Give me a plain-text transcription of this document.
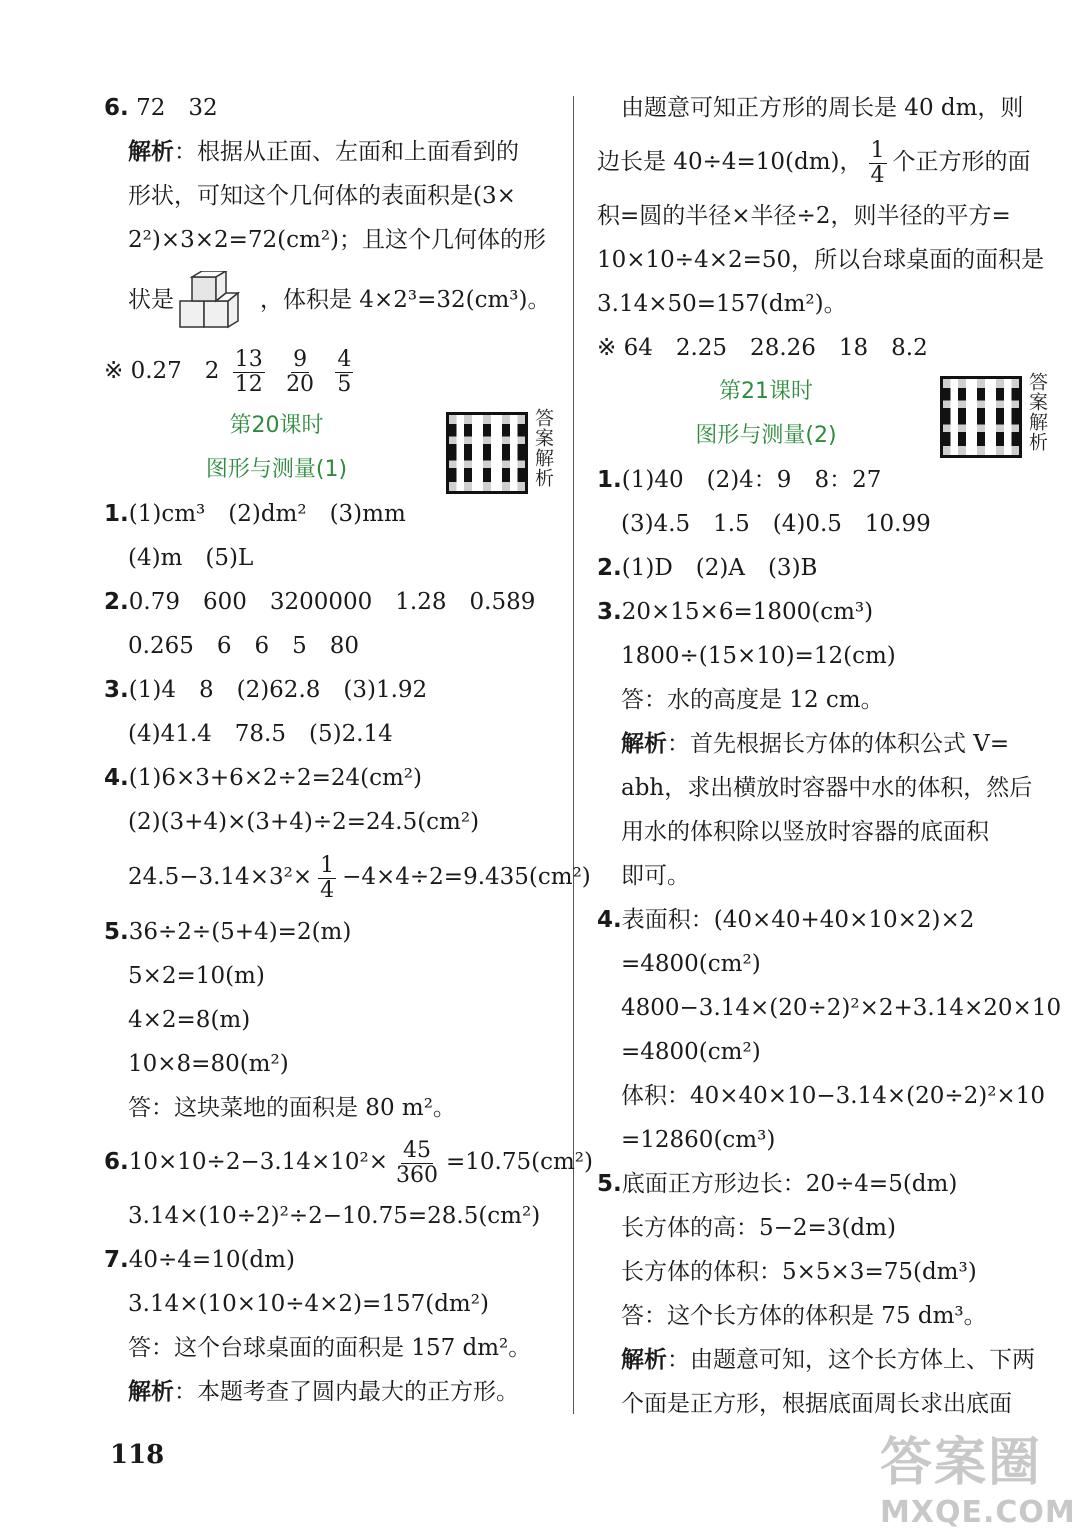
6. 72　32
解析：根据从正面、左面和上面看到的
形状，可知这个几何体的表面积是(3×
2²)×3×2=72(cm²)；且这个几何体的形
状是	，体积是 4×2³=32(cm³)。
※ 0.27　$2 \frac{13}{12}$
$\frac{9}{20}$
$\frac{4}{5}$
第20课时
图形与测量(1)
1.(1)cm³　(2)dm²　(3)mm
(4)m　(5)L
2.0.79　600　3200000　1.28　0.589
0.265　6　6　5　80
3.(1)4　8　(2)62.8　(3)1.92
(4)41.4　78.5　(5)2.14
4.(1)6×3+6×2÷2=24(cm²)
(2)(3+4)×(3+4)÷2=24.5(cm²)
$24.5-3.14\times 3^2\times \frac{1}{4} -4\times 4\div 2=9.435(cm^2)$
5.36÷2÷(5+4)=2(m)
5×2=10(m)
4×2=8(m)
10×8=80(m²)
答：这块菜地的面积是 80 m²。
$6.10\times 10\div 2-3.14\times 10^2\times \frac{45}{360} =10.75(cm^2)$
3.14×(10÷2)²÷2−10.75=28.5(cm²)
7.40÷4=10(dm)
3.14×(10×10÷4×2)=157(dm²)
答：这个台球桌面的面积是 157 dm²。
解析：本题考查了圆内最大的正方形。
答案解析	答案解析
由题意可知正方形的周长是 40 dm，则
边长是 40÷4=10(dm)， $\frac{1}{4}$ 个正方形的面
积=圆的半径×半径÷2，则半径的平方=
10×10÷4×2=50，所以台球桌面的面积是
3.14×50=157(dm²)。
※ 64　2.25　28.26　18　8.2
第21课时
图形与测量(2)
1.(1)40　(2)4：9　8：27
(3)4.5　1.5　(4)0.5　10.99
2.(1)D　(2)A　(3)B
3.20×15×6=1800(cm³)
1800÷(15×10)=12(cm)
答：水的高度是 12 cm。
解析：首先根据长方体的体积公式 V=
abh，求出横放时容器中水的体积，然后
用水的体积除以竖放时容器的底面积
即可。
4.表面积：(40×40+40×10×2)×2
=4800(cm²)
4800−3.14×(20÷2)²×2+3.14×20×10
=4800(cm²)
体积：40×40×10−3.14×(20÷2)²×10
=12860(cm³)
5.底面正方形边长：20÷4=5(dm)
长方体的高：5−2=3(dm)
长方体的体积：5×5×3=75(dm³)
答：这个长方体的体积是 75 dm³。
解析：由题意可知，这个长方体上、下两
个面是正方形，根据底面周长求出底面
118	答案圈
MXQE.COM
